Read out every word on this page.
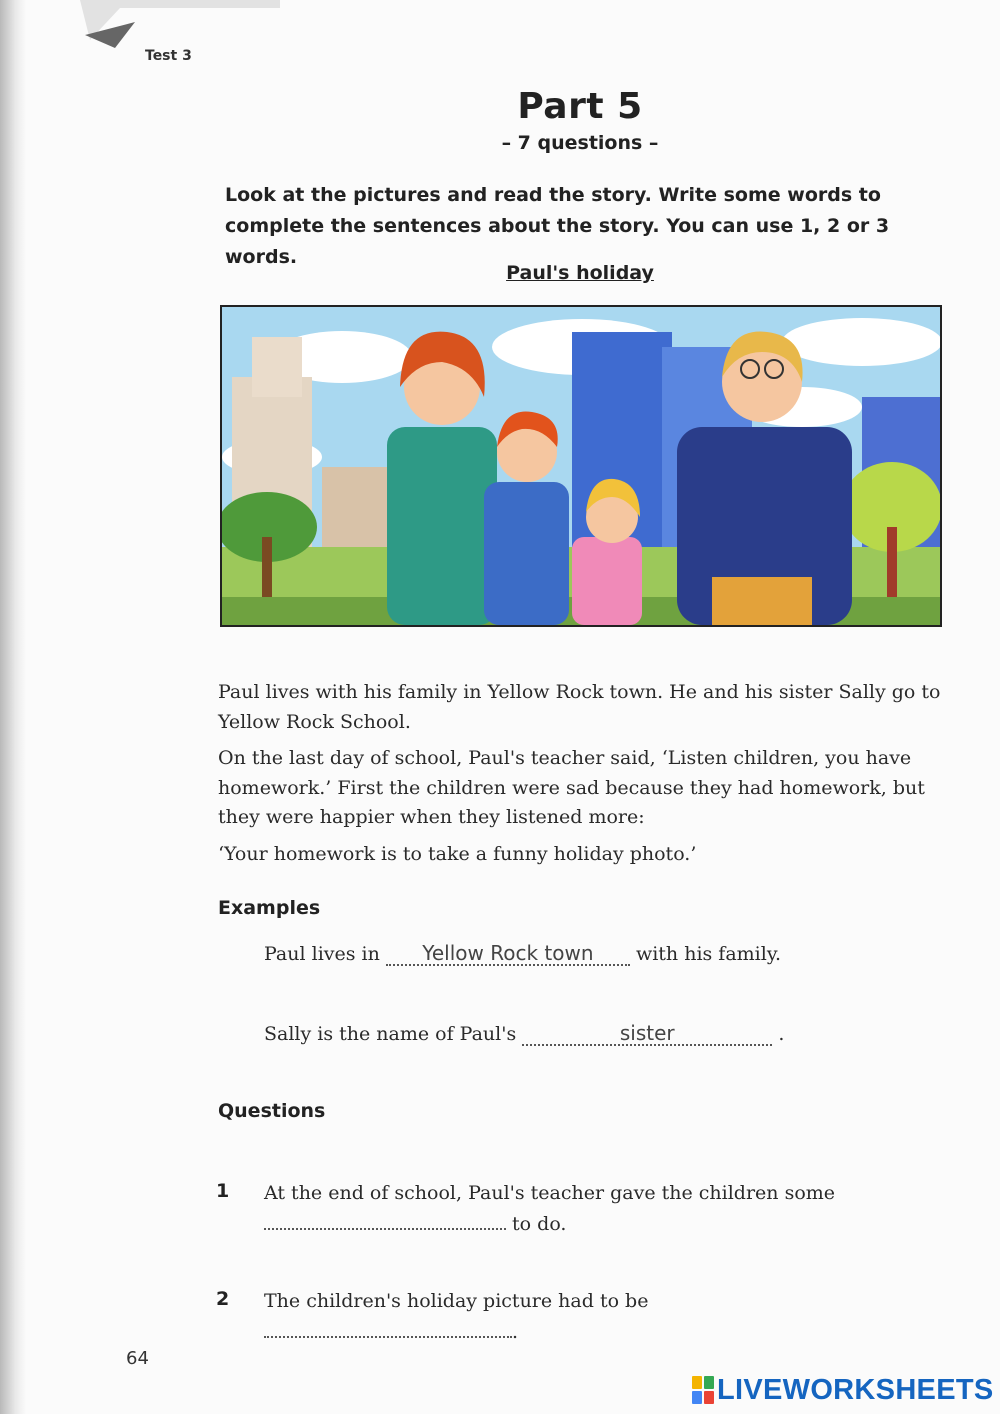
Test 3
Part 5
– 7 questions –
Look at the pictures and read the story. Write some words to complete the sentences about the story. You can use 1, 2 or 3 words.
Paul's holiday

Paul lives with his family in Yellow Rock town. He and his sister Sally go to Yellow Rock School.

On the last day of school, Paul's teacher said, ‘Listen children, you have homework.’ First the children were sad because they had homework, but they were happier when they listened more:

‘Your homework is to take a funny holiday photo.’

Examples
Paul lives in Yellow Rock town with his family.
Sally is the name of Paul's	sister	.
Questions
1 At the end of school, Paul's teacher gave the children some
to do.
2 The children's holiday picture had to be .
64
LIVEWORKSHEETS
